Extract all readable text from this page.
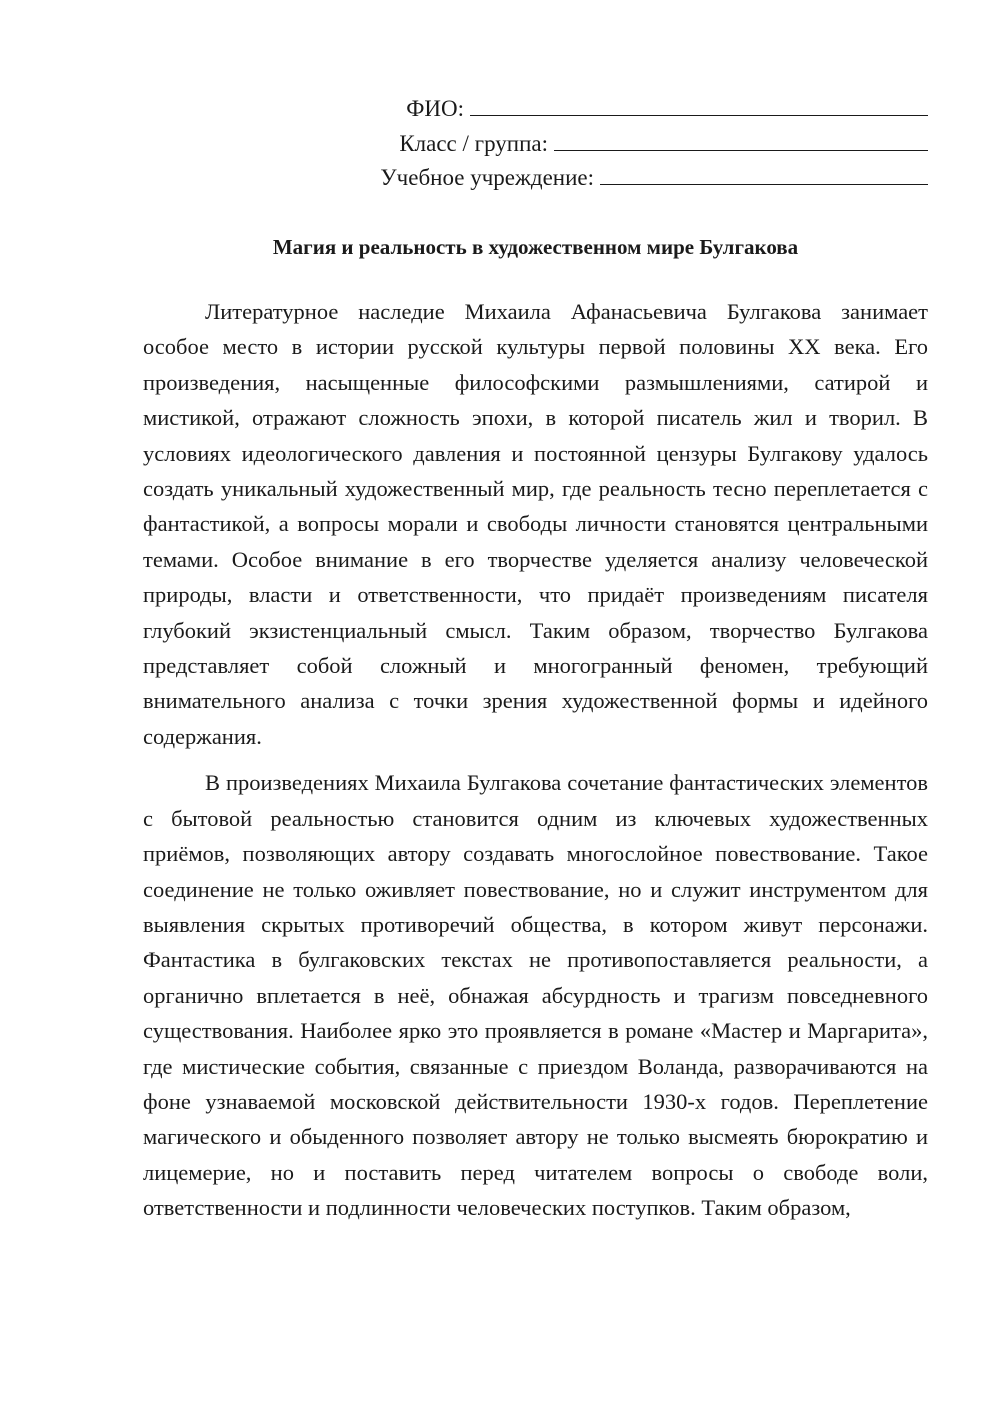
ФИО:
Класс / группа:
Учебное учреждение:
Магия и реальность в художественном мире Булгакова

Литературное наследие Михаила Афанасьевича Булгакова занимает особое место в истории русской культуры первой половины XX века. Его произведения, насыщенные философскими размышлениями, сатирой и мистикой, отражают сложность эпохи, в которой писатель жил и творил. В условиях идеологического давления и постоянной цензуры Булгакову удалось создать уникальный художественный мир, где реальность тесно переплетается с фантастикой, а вопросы морали и свободы личности становятся центральными темами. Особое внимание в его творчестве уделяется анализу человеческой природы, власти и ответственности, что придаёт произведениям писателя глубокий экзистенциальный смысл. Таким образом, творчество Булгакова представляет собой сложный и многогранный феномен, требующий внимательного анализа с точки зрения художественной формы и идейного содержания.

В произведениях Михаила Булгакова сочетание фантастических элементов с бытовой реальностью становится одним из ключевых художественных приёмов, позволяющих автору создавать многослойное повествование. Такое соединение не только оживляет повествование, но и служит инструментом для выявления скрытых противоречий общества, в котором живут персонажи. Фантастика в булгаковских текстах не противопоставляется реальности, а органично вплетается в неё, обнажая абсурдность и трагизм повседневного существования. Наиболее ярко это проявляется в романе «Мастер и Маргарита», где мистические события, связанные с приездом Воланда, разворачиваются на фоне узнаваемой московской действительности 1930-х годов. Переплетение магического и обыденного позволяет автору не только высмеять бюрократию и лицемерие, но и поставить перед читателем вопросы о свободе воли, ответственности и подлинности человеческих поступков. Таким образом,
